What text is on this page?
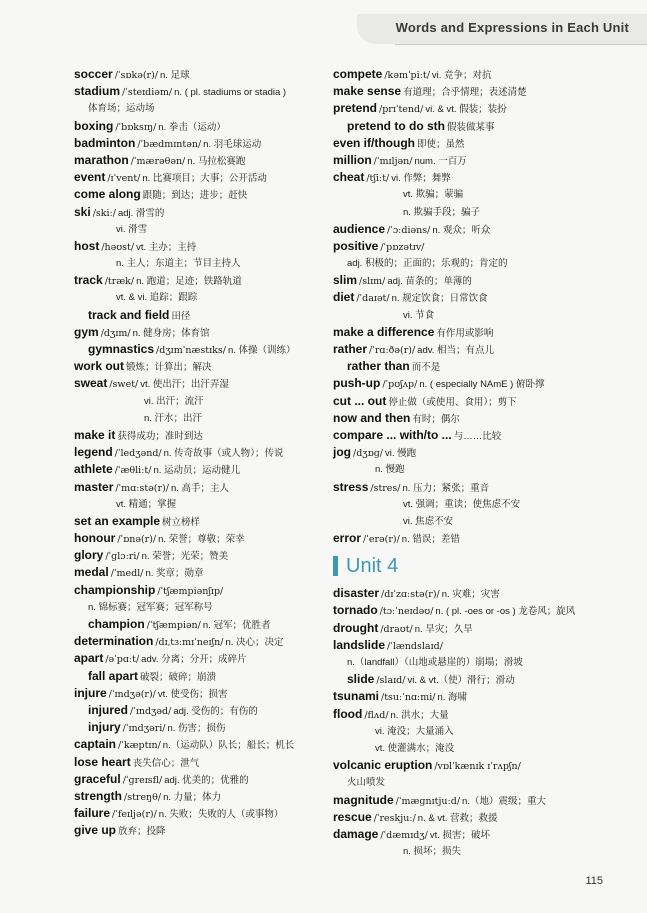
Words and Expressions in Each Unit
soccer /ˈsɒkə(r)/ n. 足球
stadium /ˈsteɪdiəm/ n. ( pl. stadiums or stadia )
体育场；运动场
boxing /ˈbɒksɪŋ/ n. 拳击（运动）
badminton /ˈbædmɪntən/ n. 羽毛球运动
marathon /ˈmærəθən/ n. 马拉松赛跑
event /ɪˈvent/ n. 比赛项目；大事；公开活动
come along 跟随；到达；进步；赶快
ski /skiː/ adj. 滑雪的
vi. 滑雪
host /həʊst/ vt. 主办；主持
n. 主人；东道主；节目主持人
track /træk/ n. 跑道；足迹；铁路轨道
vt. & vi. 追踪；跟踪
track and field 田径
gym /dʒɪm/ n. 健身房；体育馆
gymnastics /dʒɪmˈnæstɪks/ n. 体操（训练）
work out 锻炼；计算出；解决
sweat /swet/ vt. 使出汗；出汗弄湿
vi. 出汗；流汗
n. 汗水；出汗
make it 获得成功；准时到达
legend /ˈledʒənd/ n. 传奇故事（或人物）；传说
athlete /ˈæθliːt/ n. 运动员；运动健儿
master /ˈmɑːstə(r)/ n. 高手；主人
vt. 精通；掌握
set an example 树立榜样
honour /ˈɒnə(r)/ n. 荣誉；尊敬；荣幸
glory /ˈɡlɔːri/ n. 荣誉；光荣；赞美
medal /ˈmedl/ n. 奖章；勋章
championship /ˈtʃæmpiənʃɪp/
n. 锦标赛；冠军赛；冠军称号
champion /ˈtʃæmpiən/ n. 冠军；优胜者
determination /dɪˌtɜːmɪˈneɪʃn/ n. 决心；决定
apart /əˈpɑːt/ adv. 分离；分开；成碎片
fall apart 破裂；破碎；崩溃
injure /ˈɪndʒə(r)/ vt. 使受伤；损害
injured /ˈɪndʒəd/ adj. 受伤的；有伤的
injury /ˈɪndʒəri/ n. 伤害；损伤
captain /ˈkæptɪn/ n.（运动队）队长；船长；机长
lose heart 丧失信心；泄气
graceful /ˈɡreɪsfl/ adj. 优美的；优雅的
strength /streŋθ/ n. 力量；体力
failure /ˈfeɪljə(r)/ n. 失败；失败的人（或事物）
give up 放弃；投降
compete /kəmˈpiːt/ vi. 竞争；对抗
make sense 有道理；合乎情理；表述清楚
pretend /prɪˈtend/ vi. & vt. 假装；装扮
pretend to do sth 假装做某事
even if/though 即使；虽然
million /ˈmɪljən/ num. 一百万
cheat /tʃiːt/ vi. 作弊；舞弊
vt. 欺骗；蒙骗
n. 欺骗手段；骗子
audience /ˈɔːdiəns/ n. 观众；听众
positive /ˈpɒzətɪv/
adj. 积极的；正面的；乐观的；肯定的
slim /slɪm/ adj. 苗条的；单薄的
diet /ˈdaɪət/ n. 规定饮食；日常饮食
vi. 节食
make a difference 有作用或影响
rather /ˈrɑːðə(r)/ adv. 相当；有点儿
rather than 而不是
push-up /ˈpʊʃʌp/ n. ( especially NAmE ) 俯卧撑
cut ... out 停止做（或使用、食用）；剪下
now and then 有时；偶尔
compare ... with/to ... 与……比较
jog /dʒɒɡ/ vi. 慢跑
n. 慢跑
stress /stres/ n. 压力；紧张；重音
vt. 强调；重读；使焦虑不安
vi. 焦虑不安
error /ˈerə(r)/ n. 错误；差错
Unit 4
disaster /dɪˈzɑːstə(r)/ n. 灾难；灾害
tornado /tɔːˈneɪdəʊ/ n. ( pl. -oes or -os ) 龙卷风；旋风
drought /draʊt/ n. 旱灾；久旱
landslide /ˈlændslaɪd/
n.（landfall）（山地或悬崖的）崩塌；滑坡
slide /slaɪd/ vi. & vt.（使）滑行；滑动
tsunami /tsuːˈnɑːmi/ n. 海啸
flood /flʌd/ n. 洪水；大量
vi. 淹没；大量涌入
vt. 使灌满水；淹没
volcanic eruption /vɒlˈkænɪk ɪˈrʌpʃn/
火山喷发
magnitude /ˈmæɡnɪtjuːd/ n.（地）震级；重大
rescue /ˈreskjuː/ n. & vt. 营救；救援
damage /ˈdæmɪdʒ/ vt. 损害；破坏
n. 损坏；损失
115
